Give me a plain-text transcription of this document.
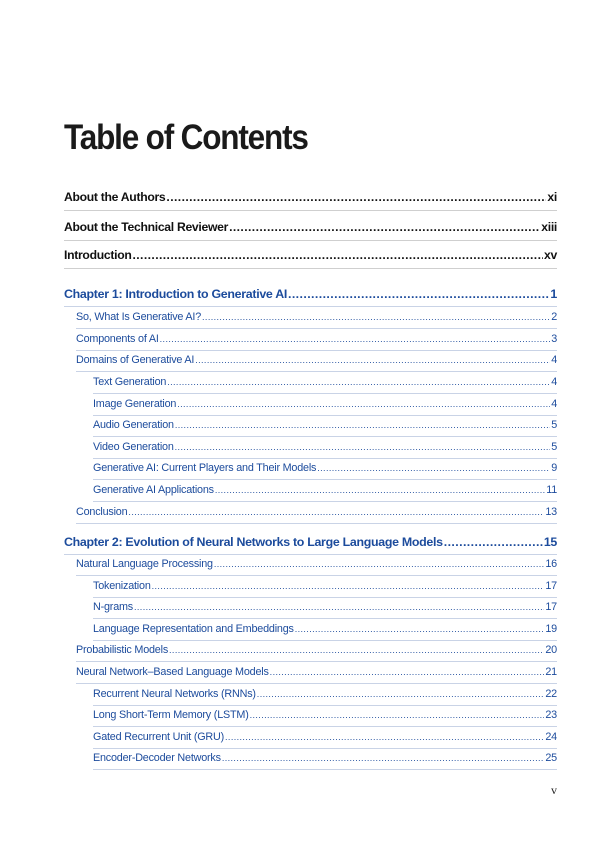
Table of Contents
About the Authors .....	xi
About the Technical Reviewer .....	xiii
Introduction .....	xv
Chapter 1: Introduction to Generative AI .....	1
So, What Is Generative AI? .....	2
Components of AI .....	3
Domains of Generative AI .....	4
Text Generation .....	4
Image Generation .....	4
Audio Generation .....	5
Video Generation .....	5
Generative AI: Current Players and Their Models .....	9
Generative AI Applications .....	11
Conclusion .....	13
Chapter 2: Evolution of Neural Networks to Large Language Models .....	15
Natural Language Processing .....	16
Tokenization .....	17
N-grams .....	17
Language Representation and Embeddings .....	19
Probabilistic Models .....	20
Neural Network–Based Language Models .....	21
Recurrent Neural Networks (RNNs) .....	22
Long Short-Term Memory (LSTM) .....	23
Gated Recurrent Unit (GRU) .....	24
Encoder-Decoder Networks .....	25
v
